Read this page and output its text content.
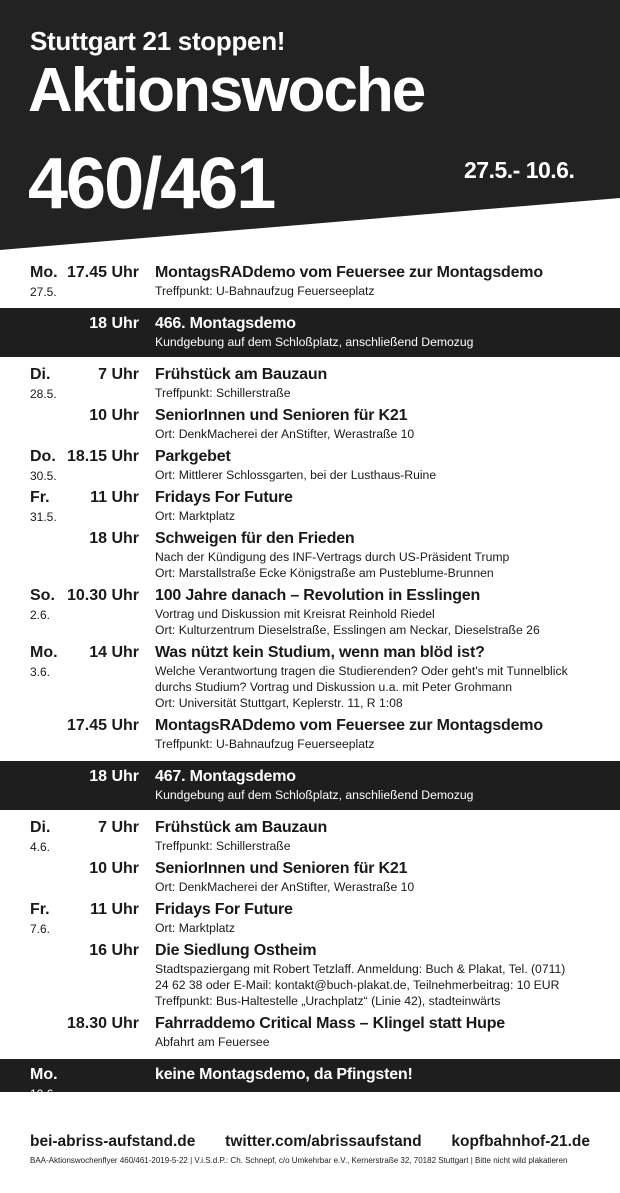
Stuttgart 21 stoppen!
Aktionswoche
460/461	27.5.- 10.6.
Mo.
27.5.
17.45 Uhr MontagsRADdemo vom Feuersee zur Montagsdemo
Treffpunkt: U-Bahnaufzug Feuerseeplatz
18 Uhr 466. Montagsdemo
Kundgebung auf dem Schloßplatz, anschließend Demozug
Di.
28.5.
7 Uhr Frühstück am Bauzaun
Treffpunkt: Schillerstraße
10 Uhr SeniorInnen und Senioren für K21
Ort: DenkMacherei der AnStifter, Werastraße 10
Do.
30.5.
18.15 Uhr Parkgebet
Ort: Mittlerer Schlossgarten, bei der Lusthaus-Ruine
Fr.
31.5.
11 Uhr Fridays For Future
Ort: Marktplatz
18 Uhr Schweigen für den Frieden
Nach der Kündigung des INF-Vertrags durch US-Präsident Trump
Ort: Marstallstraße Ecke Königstraße am Pusteblume-Brunnen
So.
2.6.
10.30 Uhr 100 Jahre danach – Revolution in Esslingen
Vortrag und Diskussion mit Kreisrat Reinhold Riedel
Ort: Kulturzentrum Dieselstraße, Esslingen am Neckar, Dieselstraße 26
Mo.
3.6.
14 Uhr Was nützt kein Studium, wenn man blöd ist?
Welche Verantwortung tragen die Studierenden? Oder geht's mit Tunnelblick
durchs Studium? Vortrag und Diskussion u.a. mit Peter Grohmann
Ort: Universität Stuttgart, Keplerstr. 11, R 1:08
17.45 Uhr MontagsRADdemo vom Feuersee zur Montagsdemo
Treffpunkt: U-Bahnaufzug Feuerseeplatz
18 Uhr 467. Montagsdemo
Kundgebung auf dem Schloßplatz, anschließend Demozug
Di.
4.6.
7 Uhr Frühstück am Bauzaun
Treffpunkt: Schillerstraße
10 Uhr SeniorInnen und Senioren für K21
Ort: DenkMacherei der AnStifter, Werastraße 10
Fr.
7.6.
11 Uhr Fridays For Future
Ort: Marktplatz
16 Uhr Die Siedlung Ostheim
Stadtspaziergang mit Robert Tetzlaff. Anmeldung: Buch & Plakat, Tel. (0711)
24 62 38 oder E-Mail: kontakt@buch-plakat.de, Teilnehmerbeitrag: 10 EUR
Treffpunkt: Bus-Haltestelle „Urachplatz“ (Linie 42), stadteinwärts
18.30 Uhr Fahrraddemo Critical Mass – Klingel statt Hupe
Abfahrt am Feuersee
Mo.
10.6.
keine Montagsdemo, da Pfingsten!
bei-abriss-aufstand.de twitter.com/abrissaufstand kopfbahnhof-21.de
BAA-Aktionswochenflyer 460/461-2019-5-22 | V.i.S.d.P.: Ch. Schnepf, c/o Umkehrbar e.V., Kernerstraße 32, 70182 Stuttgart | Bitte nicht wild plakatieren
